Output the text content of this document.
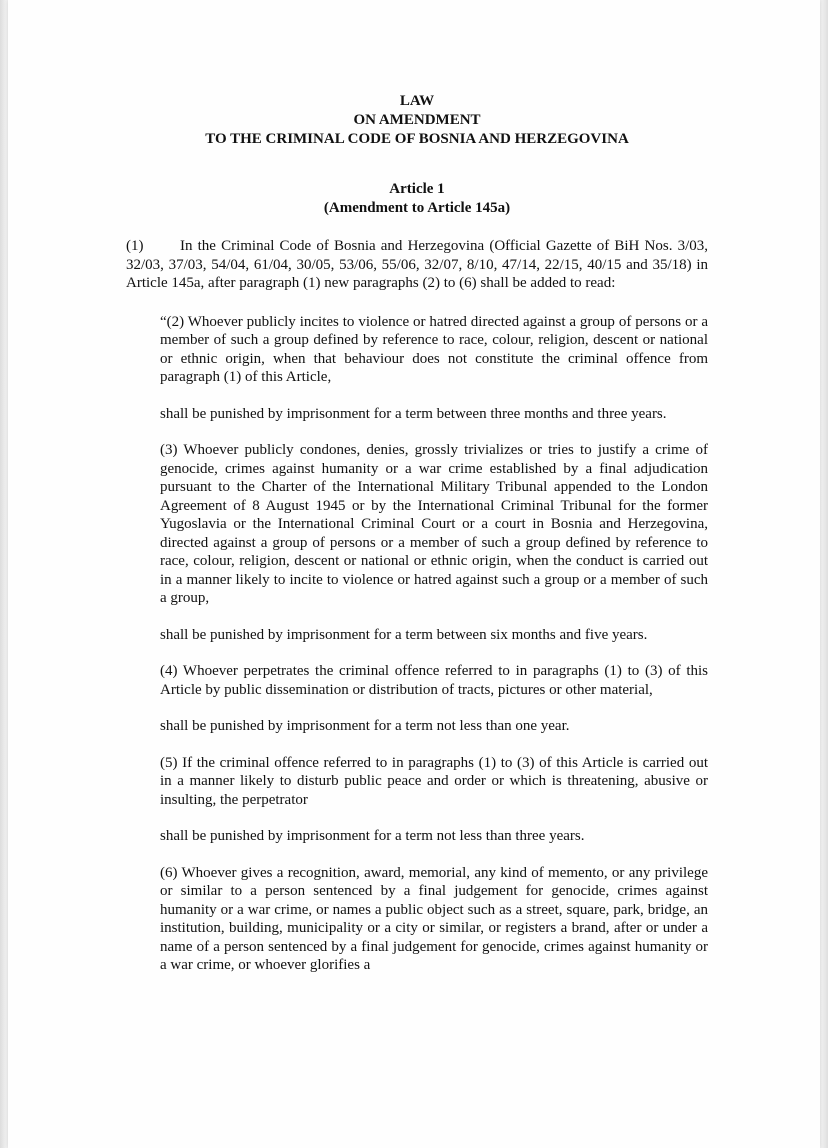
LAW
ON AMENDMENT
TO THE CRIMINAL CODE OF BOSNIA AND HERZEGOVINA
Article 1
(Amendment to Article 145a)

(1) In the Criminal Code of Bosnia and Herzegovina (Official Gazette of BiH Nos. 3/03, 32/03, 37/03, 54/04, 61/04, 30/05, 53/06, 55/06, 32/07, 8/10, 47/14, 22/15, 40/15 and 35/18) in Article 145a, after paragraph (1) new paragraphs (2) to (6) shall be added to read:

“(2) Whoever publicly incites to violence or hatred directed against a group of persons or a member of such a group defined by reference to race, colour, religion, descent or national or ethnic origin, when that behaviour does not constitute the criminal offence from paragraph (1) of this Article,

shall be punished by imprisonment for a term between three months and three years.

(3) Whoever publicly condones, denies, grossly trivializes or tries to justify a crime of genocide, crimes against humanity or a war crime established by a final adjudication pursuant to the Charter of the International Military Tribunal appended to the London Agreement of 8 August 1945 or by the International Criminal Tribunal for the former Yugoslavia or the International Criminal Court or a court in Bosnia and Herzegovina, directed against a group of persons or a member of such a group defined by reference to race, colour, religion, descent or national or ethnic origin, when the conduct is carried out in a manner likely to incite to violence or hatred against such a group or a member of such a group,

shall be punished by imprisonment for a term between six months and five years.

(4) Whoever perpetrates the criminal offence referred to in paragraphs (1) to (3) of this Article by public dissemination or distribution of tracts, pictures or other material,

shall be punished by imprisonment for a term not less than one year.

(5) If the criminal offence referred to in paragraphs (1) to (3) of this Article is carried out in a manner likely to disturb public peace and order or which is threatening, abusive or insulting, the perpetrator

shall be punished by imprisonment for a term not less than three years.

(6) Whoever gives a recognition, award, memorial, any kind of memento, or any privilege or similar to a person sentenced by a final judgement for genocide, crimes against humanity or a war crime, or names a public object such as a street, square, park, bridge, an institution, building, municipality or a city or similar, or registers a brand, after or under a name of a person sentenced by a final judgement for genocide, crimes against humanity or a war crime, or whoever glorifies a
